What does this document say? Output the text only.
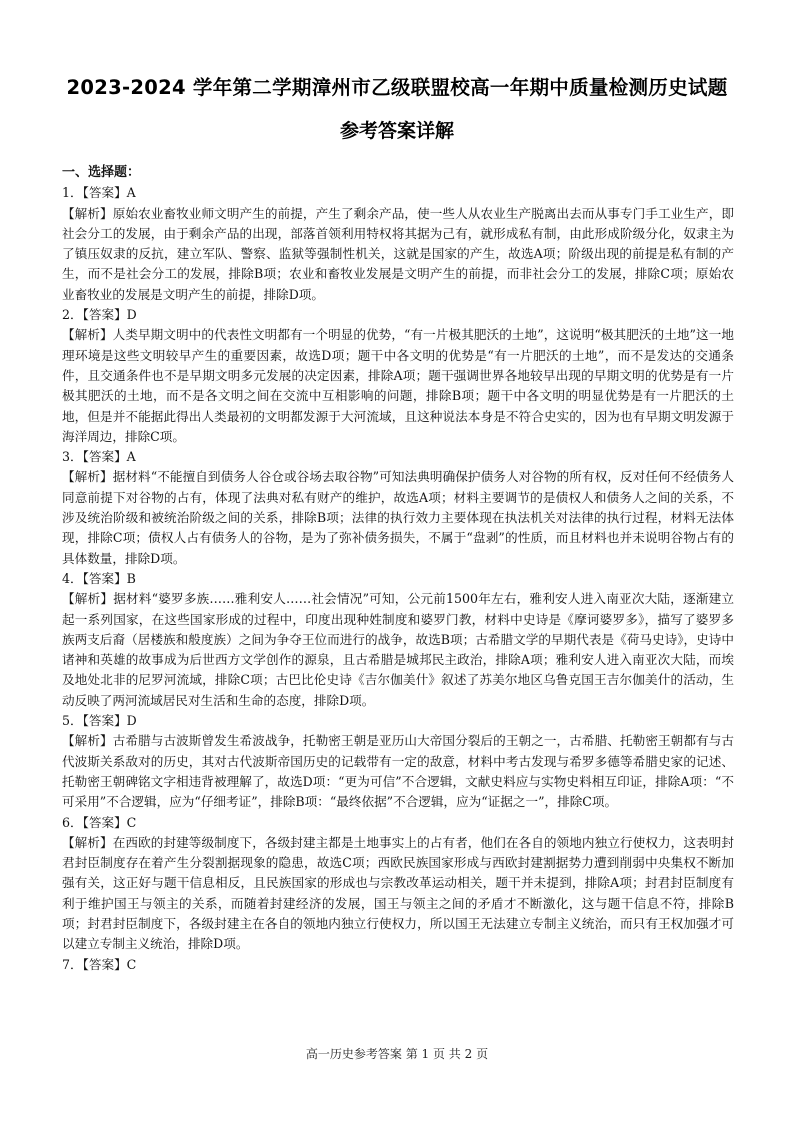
2023-2024 学年第二学期漳州市乙级联盟校高一年期中质量检测历史试题
参考答案详解
一、选择题：
1．【答案】A

【解析】原始农业畜牧业师文明产生的前提，产生了剩余产品，使一些人从农业生产脱离出去而从事专门手工业生产，即社会分工的发展，由于剩余产品的出现，部落首领利用特权将其据为己有，就形成私有制，由此形成阶级分化，奴隶主为了镇压奴隶的反抗，建立军队、警察、监狱等强制性机关，这就是国家的产生，故选A项；阶级出现的前提是私有制的产生，而不是社会分工的发展，排除B项；农业和畜牧业发展是文明产生的前提，而非社会分工的发展，排除C项；原始农业畜牧业的发展是文明产生的前提，排除D项。

2．【答案】D

【解析】人类早期文明中的代表性文明都有一个明显的优势，“有一片极其肥沃的土地”，这说明“极其肥沃的土地”这一地理环境是这些文明较早产生的重要因素，故选D项；题干中各文明的优势是“有一片肥沃的土地”，而不是发达的交通条件，且交通条件也不是早期文明多元发展的决定因素，排除A项；题干强调世界各地较早出现的早期文明的优势是有一片极其肥沃的土地，而不是各文明之间在交流中互相影响的问题，排除B项；题干中各文明的明显优势是有一片肥沃的土地，但是并不能据此得出人类最初的文明都发源于大河流域，且这种说法本身是不符合史实的，因为也有早期文明发源于海洋周边，排除C项。

3．【答案】A

【解析】据材料“不能擅自到债务人谷仓或谷场去取谷物”可知法典明确保护债务人对谷物的所有权，反对任何不经债务人同意前提下对谷物的占有，体现了法典对私有财产的维护，故选A项；材料主要调节的是债权人和债务人之间的关系，不涉及统治阶级和被统治阶级之间的关系，排除B项；法律的执行效力主要体现在执法机关对法律的执行过程，材料无法体现，排除C项；债权人占有债务人的谷物，是为了弥补债务损失，不属于“盘剥”的性质，而且材料也并未说明谷物占有的具体数量，排除D项。

4．【答案】B

【解析】据材料“婆罗多族……雅利安人……社会情况”可知，公元前1500年左右，雅利安人进入南亚次大陆，逐渐建立起一系列国家，在这些国家形成的过程中，印度出现种姓制度和婆罗门教，材料中史诗是《摩诃婆罗多》，描写了婆罗多族两支后裔（居楼族和般度族）之间为争夺王位而进行的战争，故选B项；古希腊文学的早期代表是《荷马史诗》，史诗中诸神和英雄的故事成为后世西方文学创作的源泉，且古希腊是城邦民主政治，排除A项；雅利安人进入南亚次大陆，而埃及地处北非的尼罗河流域，排除C项；古巴比伦史诗《吉尔伽美什》叙述了苏美尔地区乌鲁克国王吉尔伽美什的活动，生动反映了两河流域居民对生活和生命的态度，排除D项。

5．【答案】D

【解析】古希腊与古波斯曾发生希波战争，托勒密王朝是亚历山大帝国分裂后的王朝之一，古希腊、托勒密王朝都有与古代波斯关系敌对的历史，其对古代波斯帝国历史的记载带有一定的敌意，材料中考古发现与希罗多德等希腊史家的记述、托勒密王朝碑铭文字相违背被理解了，故选D项：“更为可信”不合逻辑，文献史料应与实物史料相互印证，排除A项：“不可采用”不合逻辑，应为“仔细考证”，排除B项：“最终依据”不合逻辑，应为“证据之一”，排除C项。

6．【答案】C

【解析】在西欧的封建等级制度下，各级封建主都是土地事实上的占有者，他们在各自的领地内独立行使权力，这表明封君封臣制度存在着产生分裂割据现象的隐患，故选C项；西欧民族国家形成与西欧封建割据势力遭到削弱中央集权不断加强有关，这正好与题干信息相反，且民族国家的形成也与宗教改革运动相关，题干并未提到，排除A项；封君封臣制度有利于维护国王与领主的关系，而随着封建经济的发展，国王与领主之间的矛盾才不断激化，这与题干信息不符，排除B项；封君封臣制度下，各级封建主在各自的领地内独立行使权力，所以国王无法建立专制主义统治，而只有王权加强才可以建立专制主义统治，排除D项。

7．【答案】C
高一历史参考答案 第 1 页 共 2 页
